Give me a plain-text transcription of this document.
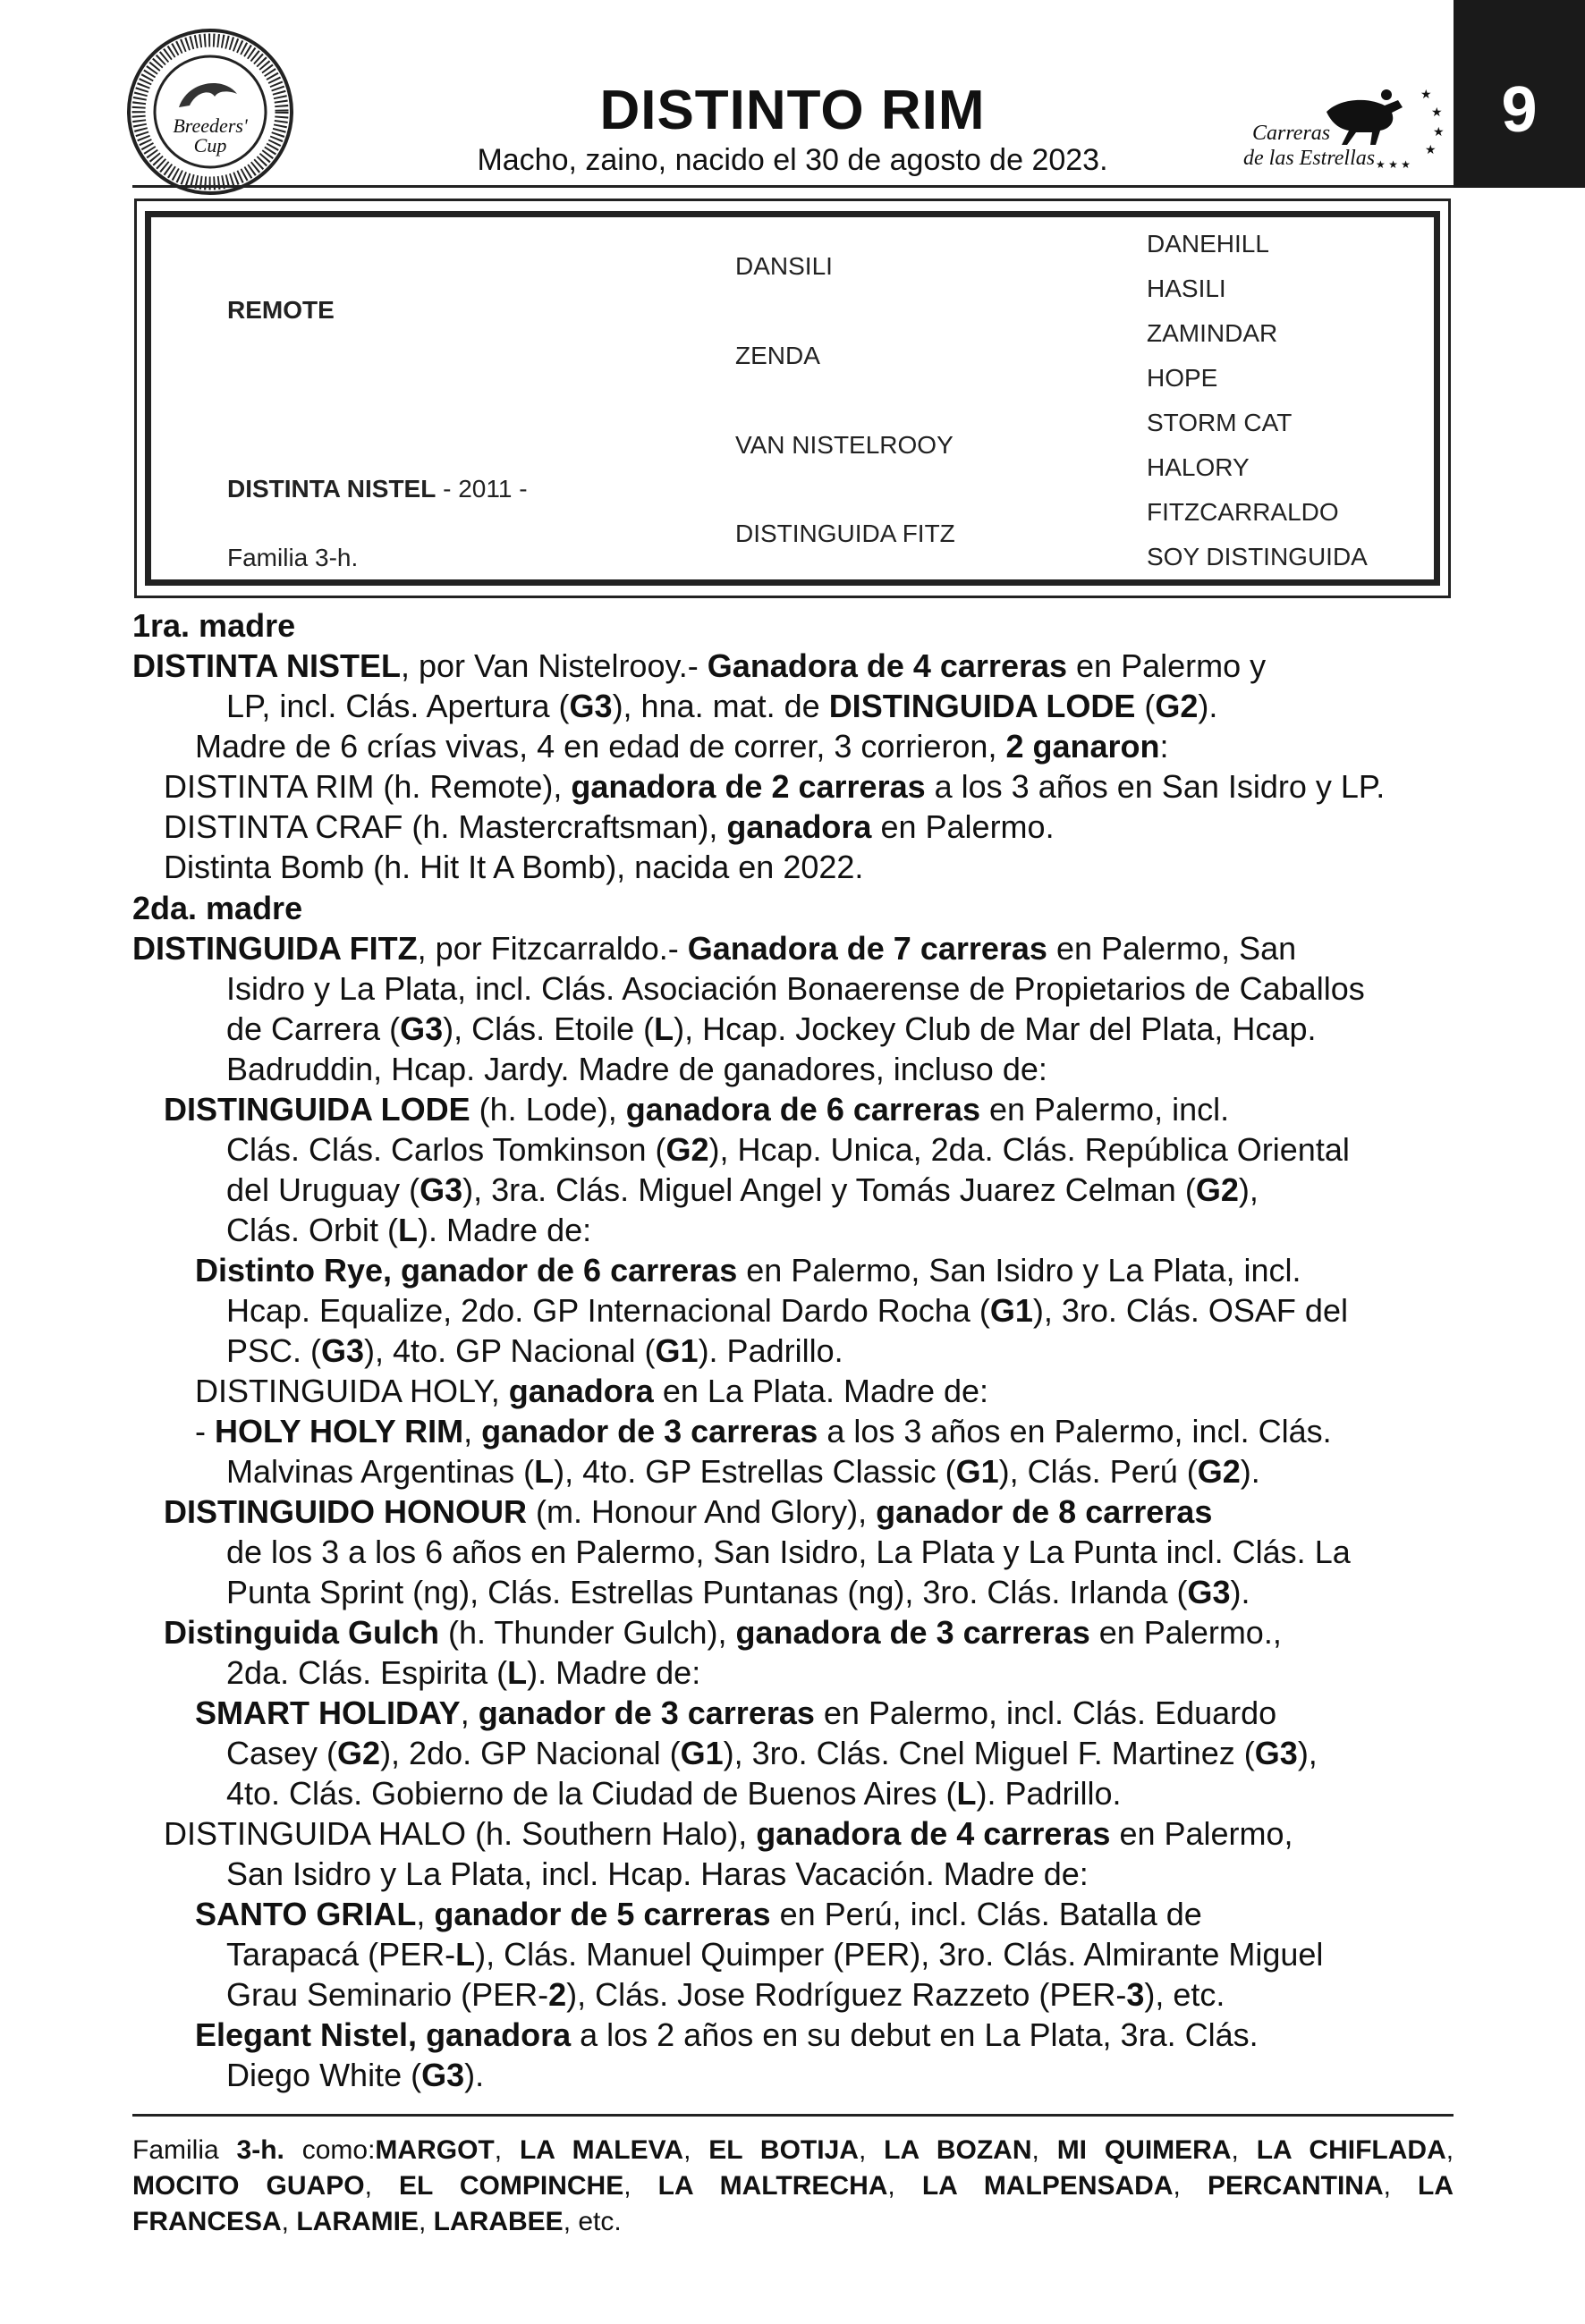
Breeders'
Cup
DISTINTO RIM
Macho, zaino, nacido el 30 de agosto de 2023.
★
★
★
★
Carreras
de las Estrellas ★ ★ ★
9
REMOTE
DISTINTA NISTEL - 2011 -
Familia 3-h.
DANSILI
ZENDA
VAN NISTELROOY
DISTINGUIDA FITZ
DANEHILL
HASILI
ZAMINDAR
HOPE
STORM CAT
HALORY
FITZCARRALDO
SOY DISTINGUIDA
1ra. madre
2da. madre
DISTINTA NISTEL, por Van Nistelrooy.- Ganadora de 4 carreras en Palermo y
LP, incl. Clás. Apertura (G3), hna. mat. de DISTINGUIDA LODE (G2).
Madre de 6 crías vivas, 4 en edad de correr, 3 corrieron, 2 ganaron:
DISTINTA RIM (h. Remote), ganadora de 2 carreras a los 3 años en San Isidro y LP.
DISTINTA CRAF (h. Mastercraftsman), ganadora en Palermo.
Distinta Bomb (h. Hit It A Bomb), nacida en 2022.
DISTINGUIDA FITZ, por Fitzcarraldo.- Ganadora de 7 carreras en Palermo, San
Isidro y La Plata, incl. Clás. Asociación Bonaerense de Propietarios de Caballos
de Carrera (G3), Clás. Etoile (L), Hcap. Jockey Club de Mar del Plata, Hcap.
Badruddin, Hcap. Jardy. Madre de ganadores, incluso de:
DISTINGUIDA LODE (h. Lode), ganadora de 6 carreras en Palermo, incl.
Clás. Clás. Carlos Tomkinson (G2), Hcap. Unica, 2da. Clás. República Oriental
del Uruguay (G3), 3ra. Clás. Miguel Angel y Tomás Juarez Celman (G2),
Clás. Orbit (L). Madre de:
Distinto Rye, ganador de 6 carreras en Palermo, San Isidro y La Plata, incl.
Hcap. Equalize, 2do. GP Internacional Dardo Rocha (G1), 3ro. Clás. OSAF del
PSC. (G3), 4to. GP Nacional (G1). Padrillo.
DISTINGUIDA HOLY, ganadora en La Plata. Madre de:
- HOLY HOLY RIM, ganador de 3 carreras a los 3 años en Palermo, incl. Clás.
Malvinas Argentinas (L), 4to. GP Estrellas Classic (G1), Clás. Perú (G2).
DISTINGUIDO HONOUR (m. Honour And Glory), ganador de 8 carreras
de los 3 a los 6 años en Palermo, San Isidro, La Plata y La Punta incl. Clás. La
Punta Sprint (ng), Clás. Estrellas Puntanas (ng), 3ro. Clás. Irlanda (G3).
Distinguida Gulch (h. Thunder Gulch), ganadora de 3 carreras en Palermo.,
2da. Clás. Espirita (L). Madre de:
SMART HOLIDAY, ganador de 3 carreras en Palermo, incl. Clás. Eduardo
Casey (G2), 2do. GP Nacional (G1), 3ro. Clás. Cnel Miguel F. Martinez (G3),
4to. Clás. Gobierno de la Ciudad de Buenos Aires (L). Padrillo.
DISTINGUIDA HALO (h. Southern Halo), ganadora de 4 carreras en Palermo,
San Isidro y La Plata, incl. Hcap. Haras Vacación. Madre de:
SANTO GRIAL, ganador de 5 carreras en Perú, incl. Clás. Batalla de
Tarapacá (PER-L), Clás. Manuel Quimper (PER), 3ro. Clás. Almirante Miguel
Grau Seminario (PER-2), Clás. Jose Rodríguez Razzeto (PER-3), etc.
Elegant Nistel, ganadora a los 2 años en su debut en La Plata, 3ra. Clás.
Diego White (G3).
Familia 3-h. como:MARGOT, LA MALEVA, EL BOTIJA, LA BOZAN, MI QUIMERA, LA CHIFLADA,
MOCITO GUAPO, EL COMPINCHE, LA MALTRECHA, LA MALPENSADA, PERCANTINA, LA
FRANCESA, LARAMIE, LARABEE, etc.
